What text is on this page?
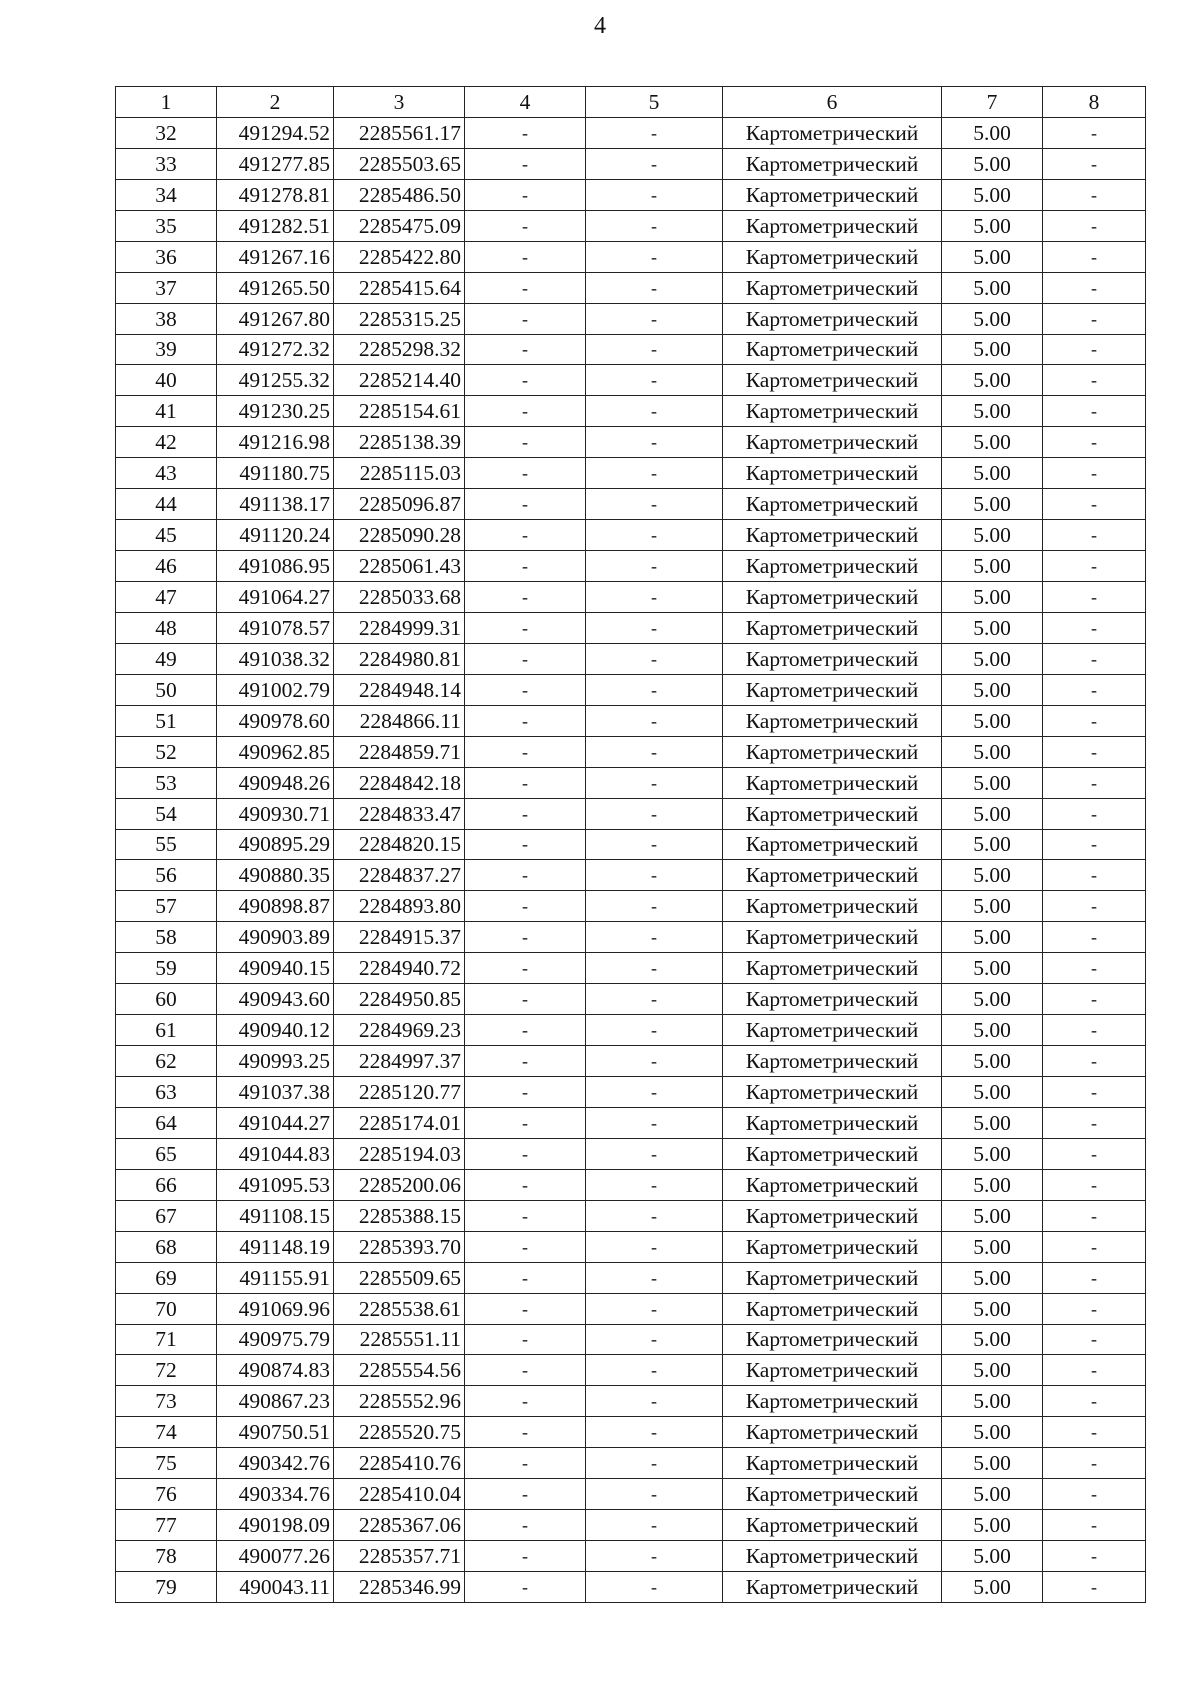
4
1	2	3	4	5	6	7	8
32	491294.52	2285561.17	-	-	Картометрический	5.00	-
33	491277.85	2285503.65	-	-	Картометрический	5.00	-
34	491278.81	2285486.50	-	-	Картометрический	5.00	-
35	491282.51	2285475.09	-	-	Картометрический	5.00	-
36	491267.16	2285422.80	-	-	Картометрический	5.00	-
37	491265.50	2285415.64	-	-	Картометрический	5.00	-
38	491267.80	2285315.25	-	-	Картометрический	5.00	-
39	491272.32	2285298.32	-	-	Картометрический	5.00	-
40	491255.32	2285214.40	-	-	Картометрический	5.00	-
41	491230.25	2285154.61	-	-	Картометрический	5.00	-
42	491216.98	2285138.39	-	-	Картометрический	5.00	-
43	491180.75	2285115.03	-	-	Картометрический	5.00	-
44	491138.17	2285096.87	-	-	Картометрический	5.00	-
45	491120.24	2285090.28	-	-	Картометрический	5.00	-
46	491086.95	2285061.43	-	-	Картометрический	5.00	-
47	491064.27	2285033.68	-	-	Картометрический	5.00	-
48	491078.57	2284999.31	-	-	Картометрический	5.00	-
49	491038.32	2284980.81	-	-	Картометрический	5.00	-
50	491002.79	2284948.14	-	-	Картометрический	5.00	-
51	490978.60	2284866.11	-	-	Картометрический	5.00	-
52	490962.85	2284859.71	-	-	Картометрический	5.00	-
53	490948.26	2284842.18	-	-	Картометрический	5.00	-
54	490930.71	2284833.47	-	-	Картометрический	5.00	-
55	490895.29	2284820.15	-	-	Картометрический	5.00	-
56	490880.35	2284837.27	-	-	Картометрический	5.00	-
57	490898.87	2284893.80	-	-	Картометрический	5.00	-
58	490903.89	2284915.37	-	-	Картометрический	5.00	-
59	490940.15	2284940.72	-	-	Картометрический	5.00	-
60	490943.60	2284950.85	-	-	Картометрический	5.00	-
61	490940.12	2284969.23	-	-	Картометрический	5.00	-
62	490993.25	2284997.37	-	-	Картометрический	5.00	-
63	491037.38	2285120.77	-	-	Картометрический	5.00	-
64	491044.27	2285174.01	-	-	Картометрический	5.00	-
65	491044.83	2285194.03	-	-	Картометрический	5.00	-
66	491095.53	2285200.06	-	-	Картометрический	5.00	-
67	491108.15	2285388.15	-	-	Картометрический	5.00	-
68	491148.19	2285393.70	-	-	Картометрический	5.00	-
69	491155.91	2285509.65	-	-	Картометрический	5.00	-
70	491069.96	2285538.61	-	-	Картометрический	5.00	-
71	490975.79	2285551.11	-	-	Картометрический	5.00	-
72	490874.83	2285554.56	-	-	Картометрический	5.00	-
73	490867.23	2285552.96	-	-	Картометрический	5.00	-
74	490750.51	2285520.75	-	-	Картометрический	5.00	-
75	490342.76	2285410.76	-	-	Картометрический	5.00	-
76	490334.76	2285410.04	-	-	Картометрический	5.00	-
77	490198.09	2285367.06	-	-	Картометрический	5.00	-
78	490077.26	2285357.71	-	-	Картометрический	5.00	-
79	490043.11	2285346.99	-	-	Картометрический	5.00	-
